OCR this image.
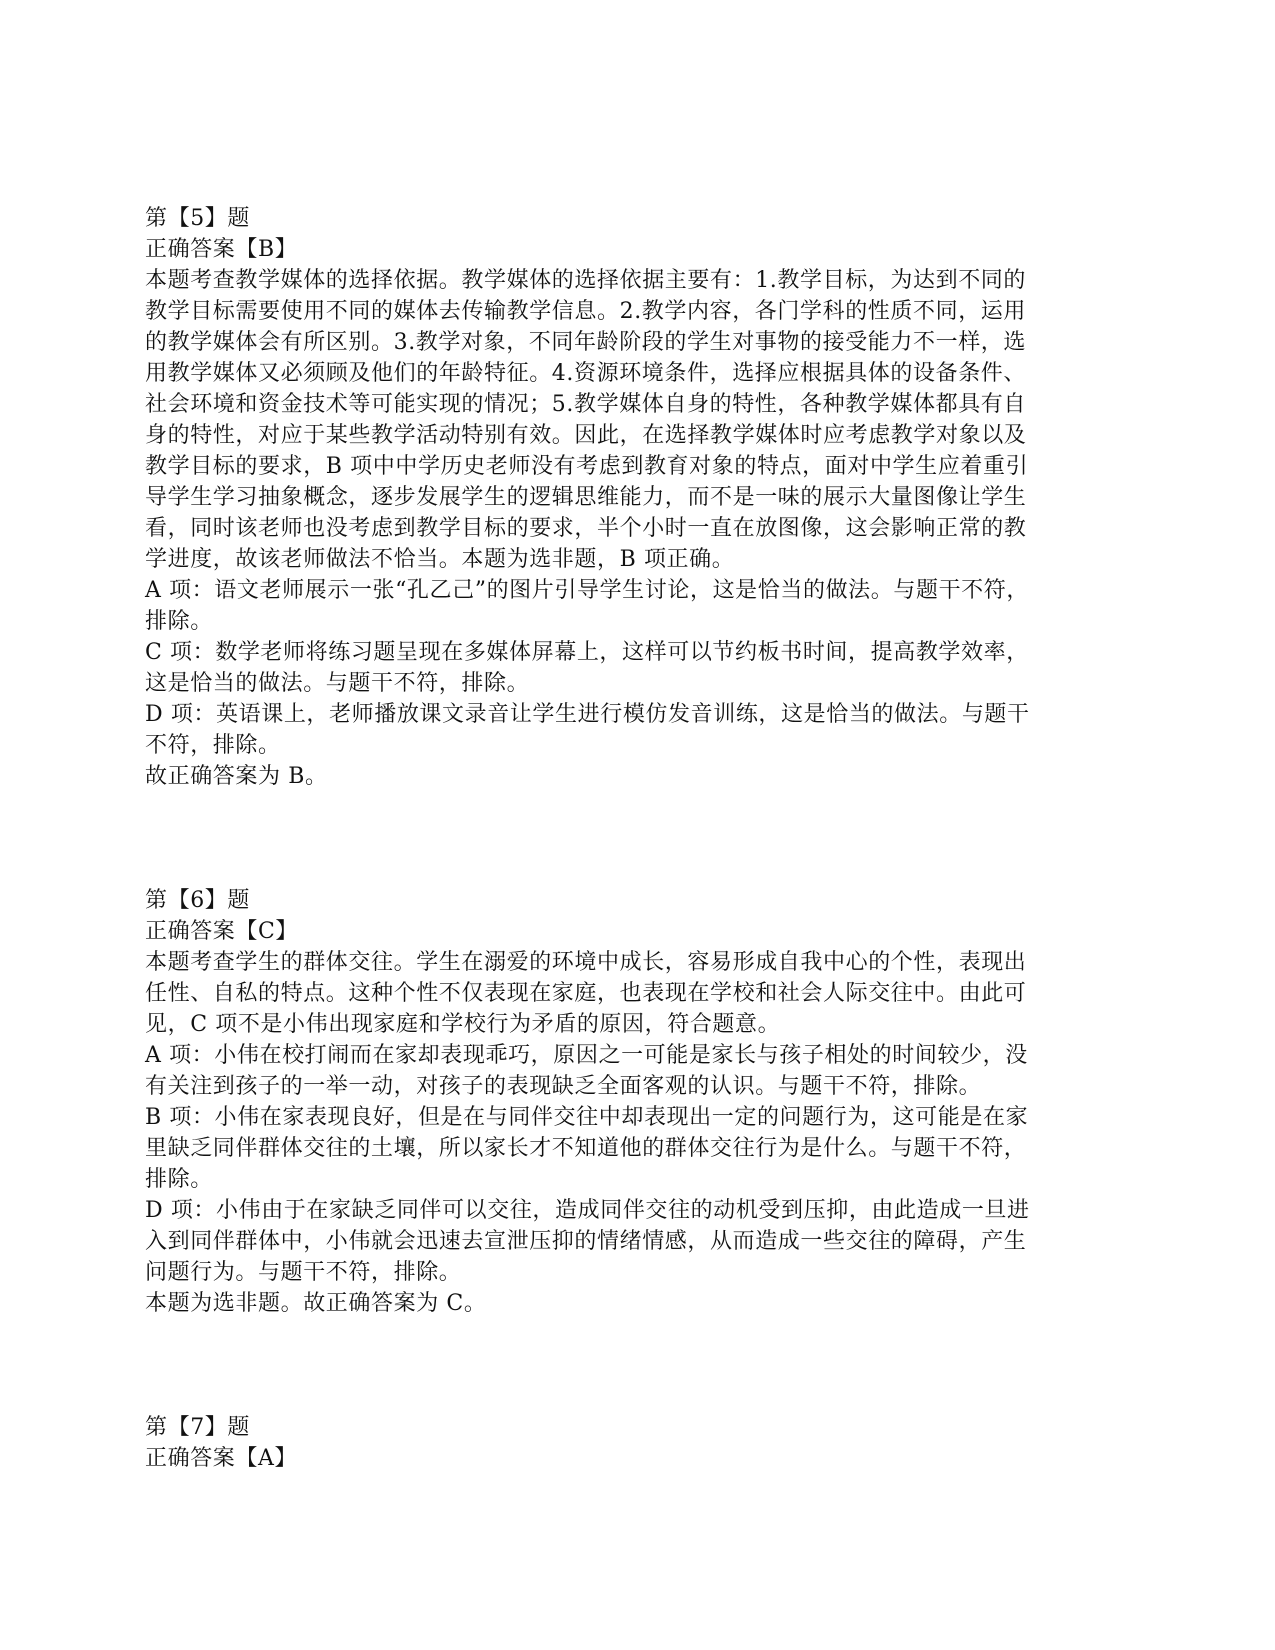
第【5】题
正确答案【B】
本题考查教学媒体的选择依据。教学媒体的选择依据主要有：1.教学目标，为达到不同的
教学目标需要使用不同的媒体去传输教学信息。2.教学内容，各门学科的性质不同，运用
的教学媒体会有所区别。3.教学对象，不同年龄阶段的学生对事物的接受能力不一样，选
用教学媒体又必须顾及他们的年龄特征。4.资源环境条件，选择应根据具体的设备条件、
社会环境和资金技术等可能实现的情况；5.教学媒体自身的特性，各种教学媒体都具有自
身的特性，对应于某些教学活动特别有效。因此，在选择教学媒体时应考虑教学对象以及
教学目标的要求，B 项中中学历史老师没有考虑到教育对象的特点，面对中学生应着重引
导学生学习抽象概念，逐步发展学生的逻辑思维能力，而不是一味的展示大量图像让学生
看，同时该老师也没考虑到教学目标的要求，半个小时一直在放图像，这会影响正常的教
学进度，故该老师做法不恰当。本题为选非题，B 项正确。
A 项：语文老师展示一张“孔乙己”的图片引导学生讨论，这是恰当的做法。与题干不符，
排除。
C 项：数学老师将练习题呈现在多媒体屏幕上，这样可以节约板书时间，提高教学效率，
这是恰当的做法。与题干不符，排除。
D 项：英语课上，老师播放课文录音让学生进行模仿发音训练，这是恰当的做法。与题干
不符，排除。
故正确答案为 B。
第【6】题
正确答案【C】
本题考查学生的群体交往。学生在溺爱的环境中成长，容易形成自我中心的个性，表现出
任性、自私的特点。这种个性不仅表现在家庭，也表现在学校和社会人际交往中。由此可
见，C 项不是小伟出现家庭和学校行为矛盾的原因，符合题意。
A 项：小伟在校打闹而在家却表现乖巧，原因之一可能是家长与孩子相处的时间较少，没
有关注到孩子的一举一动，对孩子的表现缺乏全面客观的认识。与题干不符，排除。
B 项：小伟在家表现良好，但是在与同伴交往中却表现出一定的问题行为，这可能是在家
里缺乏同伴群体交往的土壤，所以家长才不知道他的群体交往行为是什么。与题干不符，
排除。
D 项：小伟由于在家缺乏同伴可以交往，造成同伴交往的动机受到压抑，由此造成一旦进
入到同伴群体中，小伟就会迅速去宣泄压抑的情绪情感，从而造成一些交往的障碍，产生
问题行为。与题干不符，排除。
本题为选非题。故正确答案为 C。
第【7】题
正确答案【A】
